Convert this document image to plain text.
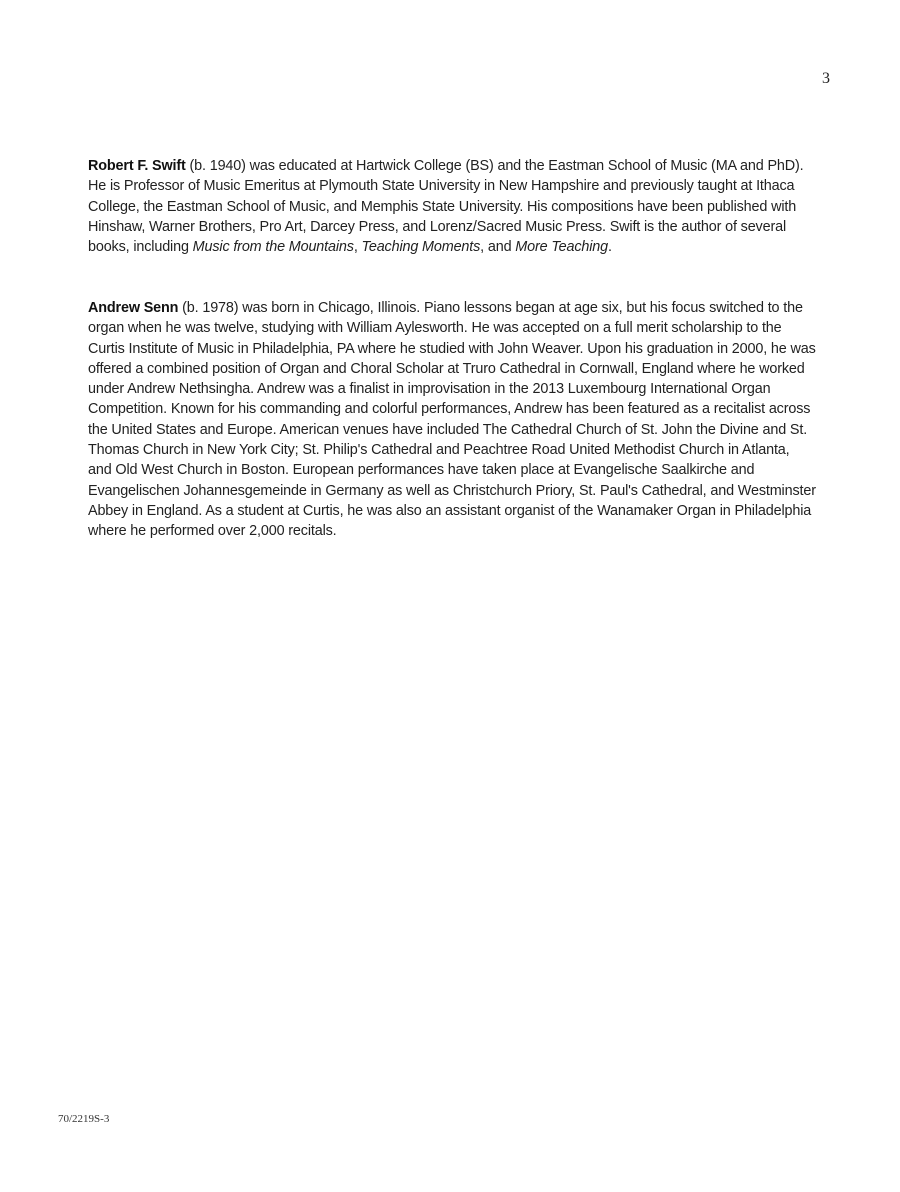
3

Robert F. Swift (b. 1940) was educated at Hartwick College (BS) and the Eastman School of Music (MA and PhD). He is Professor of Music Emeritus at Plymouth State University in New Hampshire and previously taught at Ithaca College, the Eastman School of Music, and Memphis State University. His compositions have been published with Hinshaw, Warner Brothers, Pro Art, Darcey Press, and Lorenz/Sacred Music Press. Swift is the author of several books, including Music from the Mountains, Teaching Moments, and More Teaching.

Andrew Senn (b. 1978) was born in Chicago, Illinois. Piano lessons began at age six, but his focus switched to the organ when he was twelve, studying with William Aylesworth. He was accepted on a full merit scholarship to the Curtis Institute of Music in Philadelphia, PA where he studied with John Weaver. Upon his graduation in 2000, he was offered a combined position of Organ and Choral Scholar at Truro Cathedral in Cornwall, England where he worked under Andrew Nethsingha. Andrew was a finalist in improvisation in the 2013 Luxembourg International Organ Competition. Known for his commanding and colorful performances, Andrew has been featured as a recitalist across the United States and Europe. American venues have included The Cathedral Church of St. John the Divine and St. Thomas Church in New York City; St. Philip's Cathedral and Peachtree Road United Methodist Church in Atlanta, and Old West Church in Boston. European performances have taken place at Evangelische Saalkirche and Evangelischen Johannesgemeinde in Germany as well as Christchurch Priory, St. Paul's Cathedral, and Westminster Abbey in England. As a student at Curtis, he was also an assistant organist of the Wanamaker Organ in Philadelphia where he performed over 2,000 recitals.

70/2219S-3
